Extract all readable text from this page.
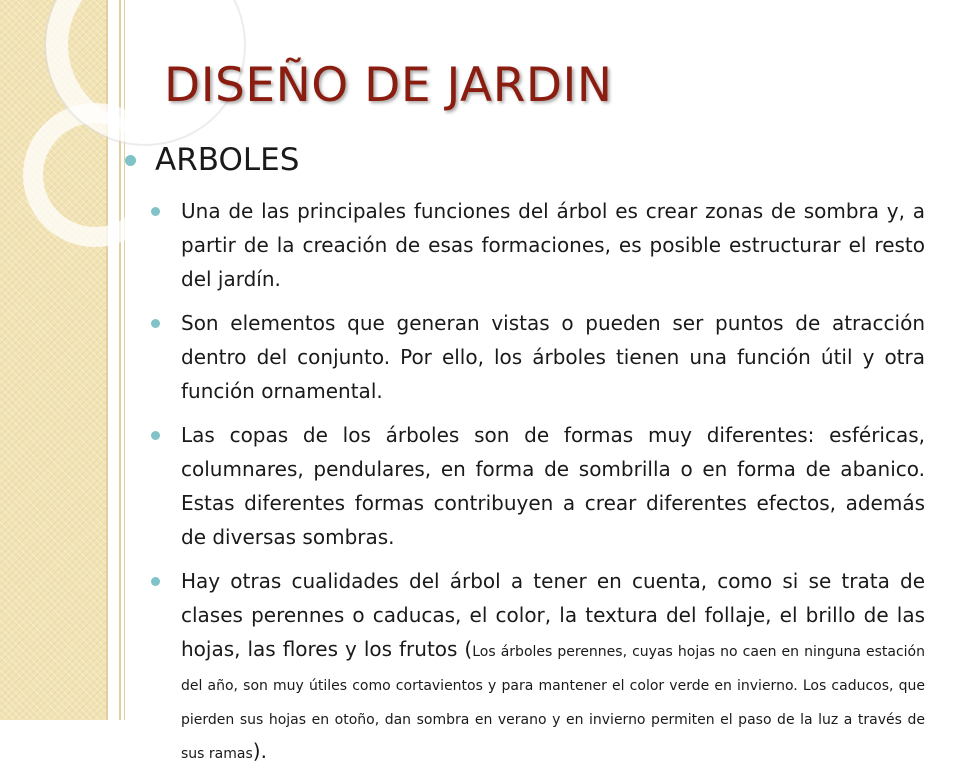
DISEÑO DE JARDIN
ARBOLES
Una de las principales funciones del árbol es crear zonas de sombra y, a partir de la creación de esas formaciones, es posible estructurar el resto del jardín.
Son elementos que generan vistas o pueden ser puntos de atracción dentro del conjunto. Por ello, los árboles tienen una función útil y otra función ornamental.
Las copas de los árboles son de formas muy diferentes: esféricas, columnares, pendulares, en forma de sombrilla o en forma de abanico. Estas diferentes formas contribuyen a crear diferentes efectos, además de diversas sombras.
Hay otras cualidades del árbol a tener en cuenta, como si se trata de clases perennes o caducas, el color, la textura del follaje, el brillo de las hojas, las flores y los frutos (Los árboles perennes, cuyas hojas no caen en ninguna estación del año, son muy útiles como cortavientos y para mantener el color verde en invierno. Los caducos, que pierden sus hojas en otoño, dan sombra en verano y en invierno permiten el paso de la luz a través de sus ramas).
